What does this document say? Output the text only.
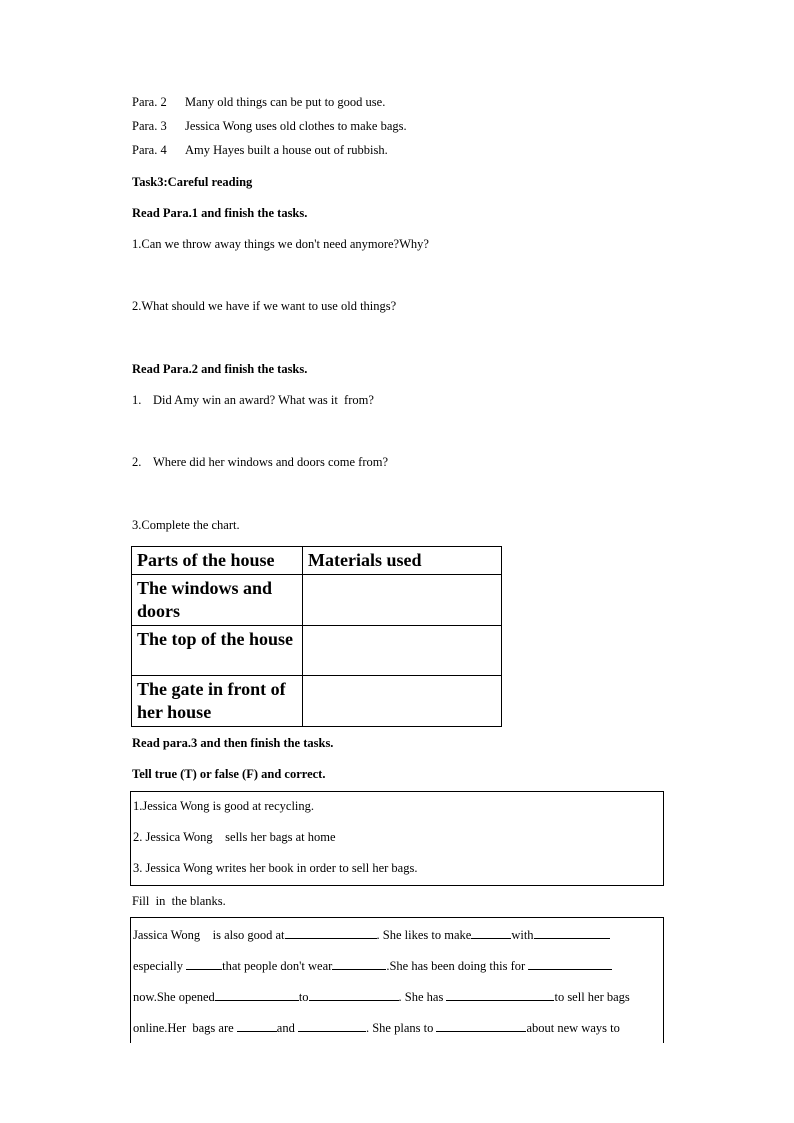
Para. 2 Many old things can be put to good use.
Para. 3 Jessica Wong uses old clothes to make bags.
Para. 4 Amy Hayes built a house out of rubbish.
Task3:Careful reading
Read Para.1 and finish the tasks.
1.Can we throw away things we don't need anymore?Why?
2.What should we have if we want to use old things?
Read Para.2 and finish the tasks.
1. Did Amy win an award? What was it  from?
2. Where did her windows and doors come from?
3.Complete the chart.
Parts of the house	Materials used
The windows and doors	
The top of the house	
The gate in front of her house	
Read para.3 and then finish the tasks.
Tell true (T) or false (F) and correct.
1.Jessica Wong is good at recycling.
2. Jessica Wong    sells her bags at home
3. Jessica Wong writes her book in order to sell her bags.
Fill  in  the blanks.
Jassica Wong    is also good at	. She likes to make	with
especially	that people don't wear	.She has been doing this for
now.She opened	to	. She has	to sell her bags
online.Her  bags are	and	. She plans to	about new ways to
